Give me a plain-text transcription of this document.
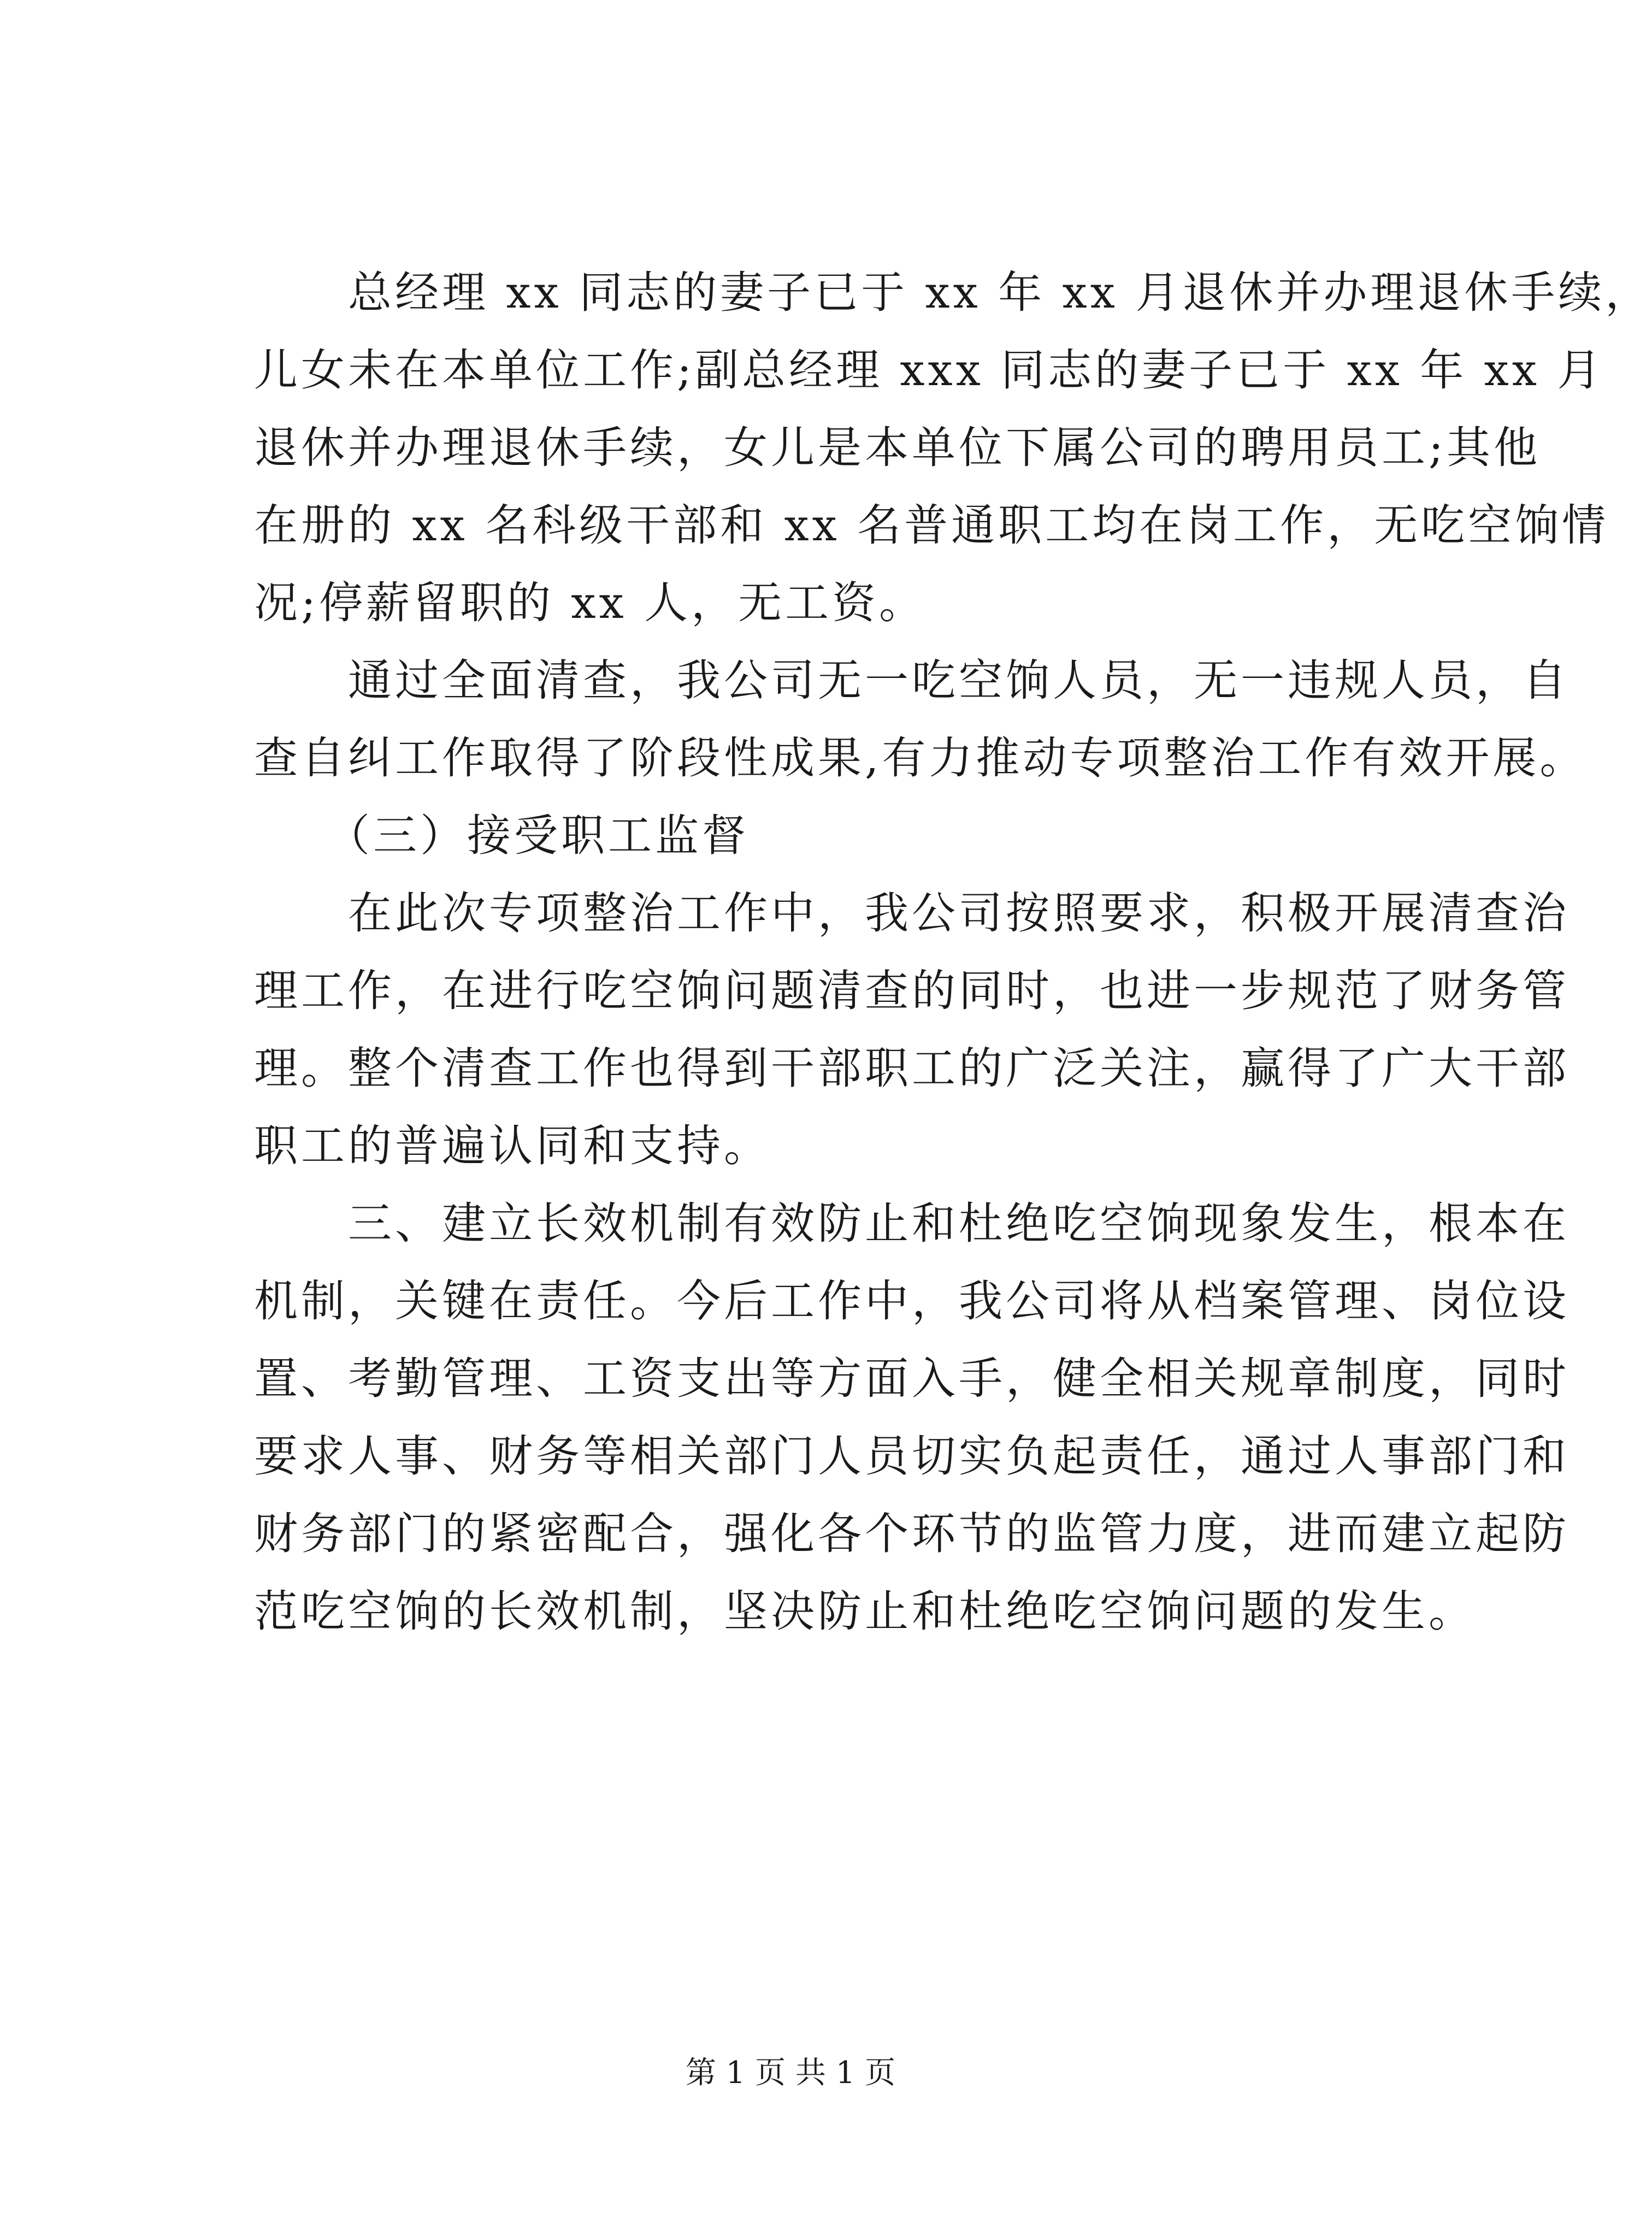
　　总经理 xx 同志的妻子已于 xx 年 xx 月退休并办理退休手续，
儿女未在本单位工作;副总经理 xxx 同志的妻子已于 xx 年 xx 月
退休并办理退休手续，女儿是本单位下属公司的聘用员工;其他
在册的 xx 名科级干部和 xx 名普通职工均在岗工作，无吃空饷情
况;停薪留职的 xx 人，无工资。
　　通过全面清查，我公司无一吃空饷人员，无一违规人员，自
查自纠工作取得了阶段性成果,有力推动专项整治工作有效开展。
　　（三）接受职工监督
　　在此次专项整治工作中，我公司按照要求，积极开展清查治
理工作，在进行吃空饷问题清查的同时，也进一步规范了财务管
理。整个清查工作也得到干部职工的广泛关注，赢得了广大干部
职工的普遍认同和支持。
　　三、建立长效机制有效防止和杜绝吃空饷现象发生，根本在
机制，关键在责任。今后工作中，我公司将从档案管理、岗位设
置、考勤管理、工资支出等方面入手，健全相关规章制度，同时
要求人事、财务等相关部门人员切实负起责任，通过人事部门和
财务部门的紧密配合，强化各个环节的监管力度，进而建立起防
范吃空饷的长效机制，坚决防止和杜绝吃空饷问题的发生。
第 1 页 共 1 页
